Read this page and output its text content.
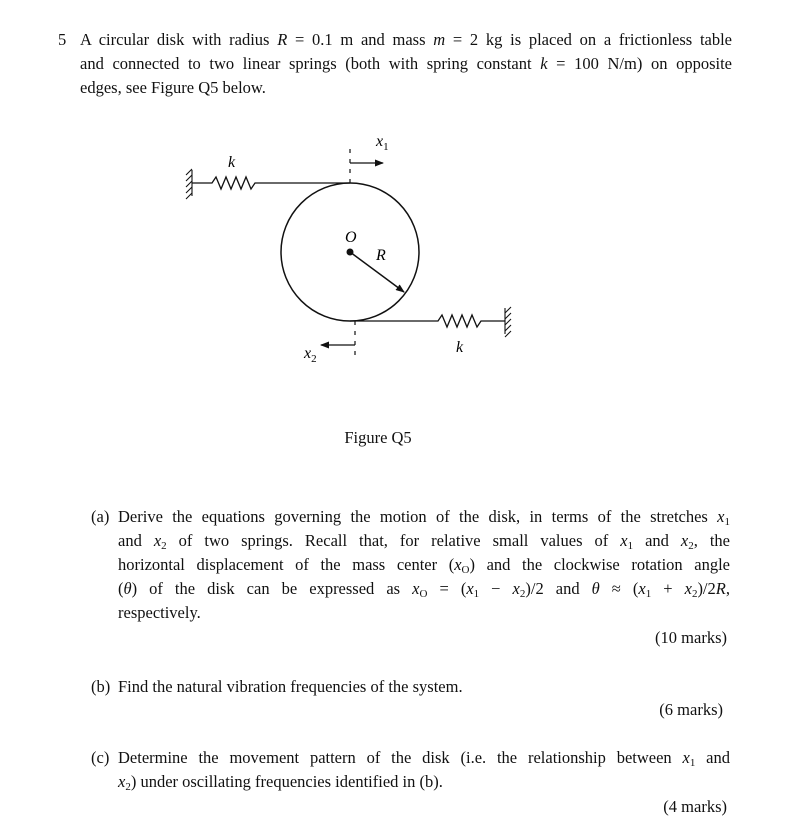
5 A circular disk with radius R = 0.1 m and mass m = 2 kg is placed on a frictionless table
and connected to two linear springs (both with spring constant k = 100 N/m) on opposite
edges, see Figure Q5 below.
k
k
O
R
$x_1$
$x_2$
Figure Q5
(a) Derive the equations governing the motion of the disk, in terms of the stretches $x_1$
and $x_2$ of two springs. Recall that, for relative small values of $x_1$ and $x_2$, the
horizontal displacement of the mass center $(x_O)$ and the clockwise rotation angle
(θ) of the disk can be expressed as $x_O = (x_1 - x_2)/2$ and $\theta \approx (x_1 + x_2)/2R$,
respectively.
(10 marks)
(b) Find the natural vibration frequencies of the system.
(6 marks)
(c) Determine the movement pattern of the disk (i.e. the relationship between $x_1$ and
$x_2$) under oscillating frequencies identified in (b).
(4 marks)
